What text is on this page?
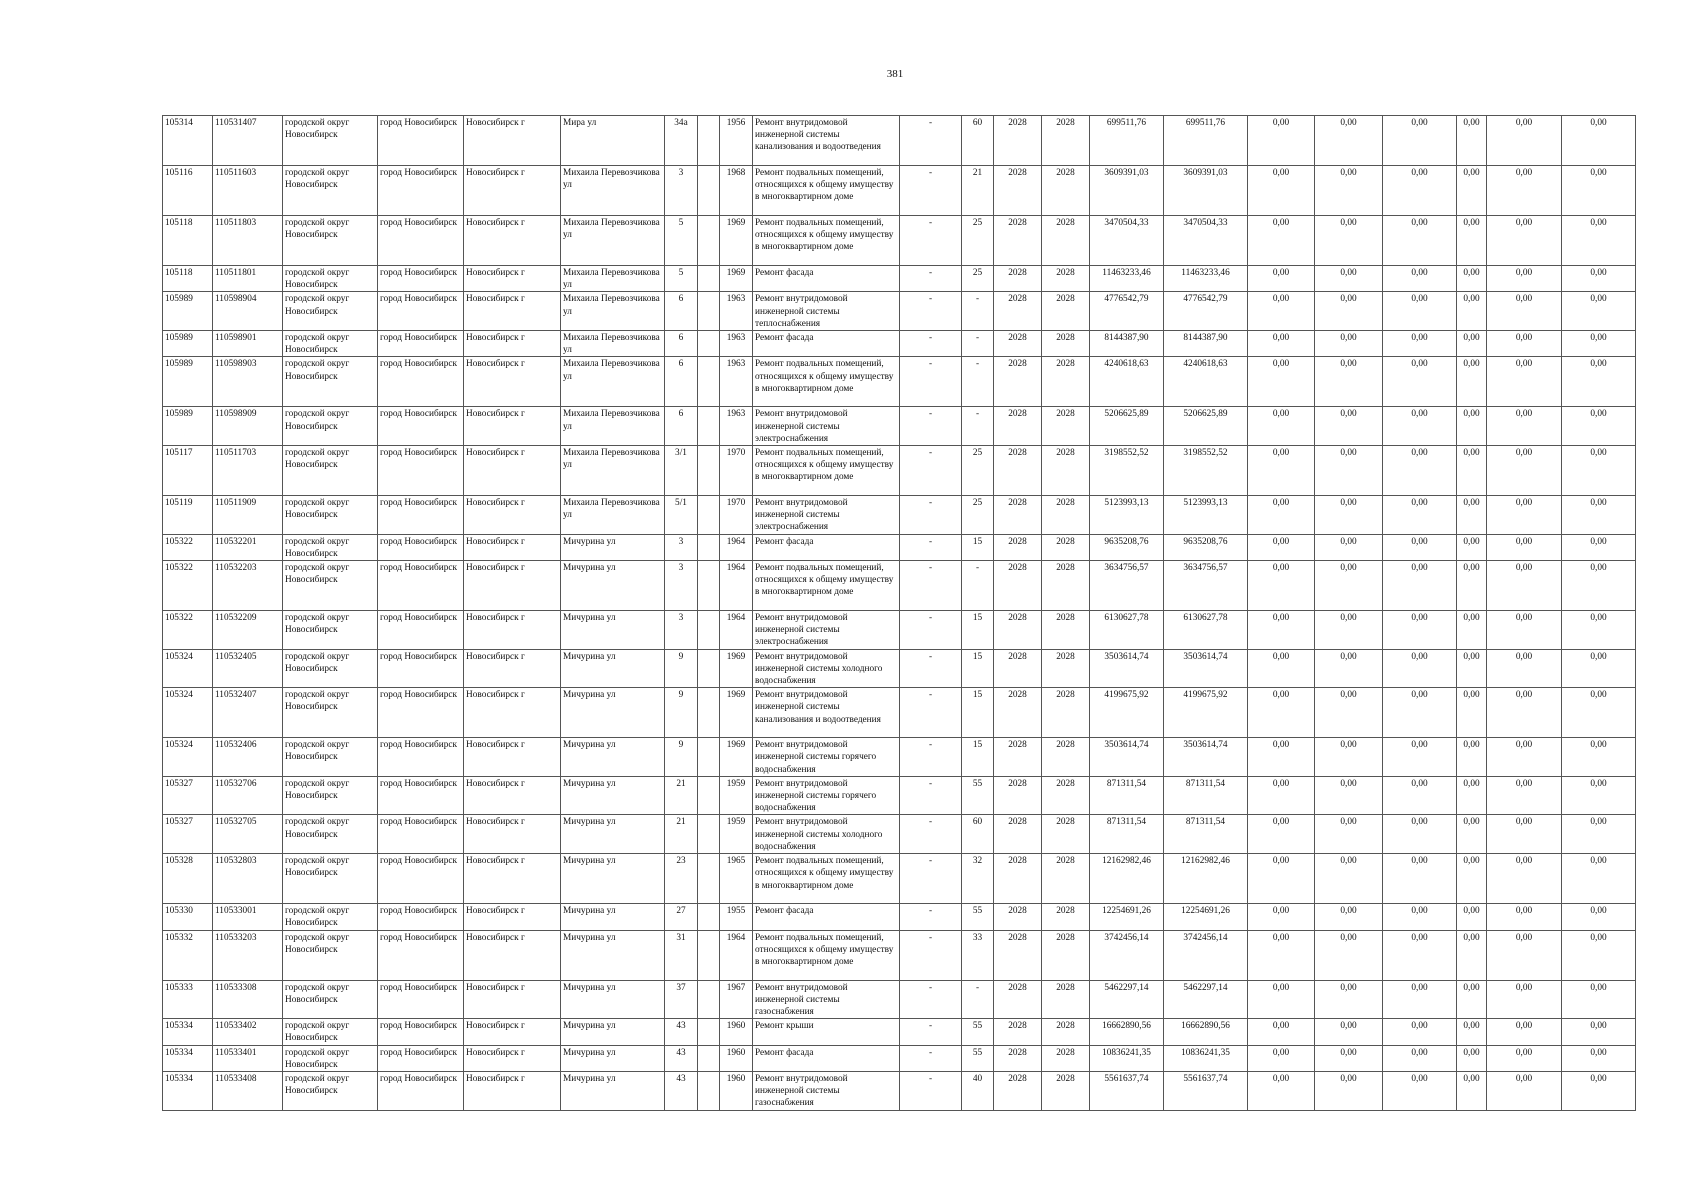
381
105314	110531407	городской округ Новосибирск	город Новосибирск	Новосибирск г	Мира ул	34а		1956	Ремонт внутридомовой инженерной системы канализования и водоотведения	-	60	2028	2028	699511,76	699511,76	0,00	0,00	0,00	0,00	0,00	0,00
105116	110511603	городской округ Новосибирск	город Новосибирск	Новосибирск г	Михаила Перевозчикова ул	3		1968	Ремонт подвальных помещений, относящихся к общему имуществу в многоквартирном доме	-	21	2028	2028	3609391,03	3609391,03	0,00	0,00	0,00	0,00	0,00	0,00
105118	110511803	городской округ Новосибирск	город Новосибирск	Новосибирск г	Михаила Перевозчикова ул	5		1969	Ремонт подвальных помещений, относящихся к общему имуществу в многоквартирном доме	-	25	2028	2028	3470504,33	3470504,33	0,00	0,00	0,00	0,00	0,00	0,00
105118	110511801	городской округ Новосибирск	город Новосибирск	Новосибирск г	Михаила Перевозчикова ул	5		1969	Ремонт фасада	-	25	2028	2028	11463233,46	11463233,46	0,00	0,00	0,00	0,00	0,00	0,00
105989	110598904	городской округ Новосибирск	город Новосибирск	Новосибирск г	Михаила Перевозчикова ул	6		1963	Ремонт внутридомовой инженерной системы теплоснабжения	-	-	2028	2028	4776542,79	4776542,79	0,00	0,00	0,00	0,00	0,00	0,00
105989	110598901	городской округ Новосибирск	город Новосибирск	Новосибирск г	Михаила Перевозчикова ул	6		1963	Ремонт фасада	-	-	2028	2028	8144387,90	8144387,90	0,00	0,00	0,00	0,00	0,00	0,00
105989	110598903	городской округ Новосибирск	город Новосибирск	Новосибирск г	Михаила Перевозчикова ул	6		1963	Ремонт подвальных помещений, относящихся к общему имуществу в многоквартирном доме	-	-	2028	2028	4240618,63	4240618,63	0,00	0,00	0,00	0,00	0,00	0,00
105989	110598909	городской округ Новосибирск	город Новосибирск	Новосибирск г	Михаила Перевозчикова ул	6		1963	Ремонт внутридомовой инженерной системы электроснабжения	-	-	2028	2028	5206625,89	5206625,89	0,00	0,00	0,00	0,00	0,00	0,00
105117	110511703	городской округ Новосибирск	город Новосибирск	Новосибирск г	Михаила Перевозчикова ул	3/1		1970	Ремонт подвальных помещений, относящихся к общему имуществу в многоквартирном доме	-	25	2028	2028	3198552,52	3198552,52	0,00	0,00	0,00	0,00	0,00	0,00
105119	110511909	городской округ Новосибирск	город Новосибирск	Новосибирск г	Михаила Перевозчикова ул	5/1		1970	Ремонт внутридомовой инженерной системы электроснабжения	-	25	2028	2028	5123993,13	5123993,13	0,00	0,00	0,00	0,00	0,00	0,00
105322	110532201	городской округ Новосибирск	город Новосибирск	Новосибирск г	Мичурина ул	3		1964	Ремонт фасада	-	15	2028	2028	9635208,76	9635208,76	0,00	0,00	0,00	0,00	0,00	0,00
105322	110532203	городской округ Новосибирск	город Новосибирск	Новосибирск г	Мичурина ул	3		1964	Ремонт подвальных помещений, относящихся к общему имуществу в многоквартирном доме	-	-	2028	2028	3634756,57	3634756,57	0,00	0,00	0,00	0,00	0,00	0,00
105322	110532209	городской округ Новосибирск	город Новосибирск	Новосибирск г	Мичурина ул	3		1964	Ремонт внутридомовой инженерной системы электроснабжения	-	15	2028	2028	6130627,78	6130627,78	0,00	0,00	0,00	0,00	0,00	0,00
105324	110532405	городской округ Новосибирск	город Новосибирск	Новосибирск г	Мичурина ул	9		1969	Ремонт внутридомовой инженерной системы холодного водоснабжения	-	15	2028	2028	3503614,74	3503614,74	0,00	0,00	0,00	0,00	0,00	0,00
105324	110532407	городской округ Новосибирск	город Новосибирск	Новосибирск г	Мичурина ул	9		1969	Ремонт внутридомовой инженерной системы канализования и водоотведения	-	15	2028	2028	4199675,92	4199675,92	0,00	0,00	0,00	0,00	0,00	0,00
105324	110532406	городской округ Новосибирск	город Новосибирск	Новосибирск г	Мичурина ул	9		1969	Ремонт внутридомовой инженерной системы горячего водоснабжения	-	15	2028	2028	3503614,74	3503614,74	0,00	0,00	0,00	0,00	0,00	0,00
105327	110532706	городской округ Новосибирск	город Новосибирск	Новосибирск г	Мичурина ул	21		1959	Ремонт внутридомовой инженерной системы горячего водоснабжения	-	55	2028	2028	871311,54	871311,54	0,00	0,00	0,00	0,00	0,00	0,00
105327	110532705	городской округ Новосибирск	город Новосибирск	Новосибирск г	Мичурина ул	21		1959	Ремонт внутридомовой инженерной системы холодного водоснабжения	-	60	2028	2028	871311,54	871311,54	0,00	0,00	0,00	0,00	0,00	0,00
105328	110532803	городской округ Новосибирск	город Новосибирск	Новосибирск г	Мичурина ул	23		1965	Ремонт подвальных помещений, относящихся к общему имуществу в многоквартирном доме	-	32	2028	2028	12162982,46	12162982,46	0,00	0,00	0,00	0,00	0,00	0,00
105330	110533001	городской округ Новосибирск	город Новосибирск	Новосибирск г	Мичурина ул	27		1955	Ремонт фасада	-	55	2028	2028	12254691,26	12254691,26	0,00	0,00	0,00	0,00	0,00	0,00
105332	110533203	городской округ Новосибирск	город Новосибирск	Новосибирск г	Мичурина ул	31		1964	Ремонт подвальных помещений, относящихся к общему имуществу в многоквартирном доме	-	33	2028	2028	3742456,14	3742456,14	0,00	0,00	0,00	0,00	0,00	0,00
105333	110533308	городской округ Новосибирск	город Новосибирск	Новосибирск г	Мичурина ул	37		1967	Ремонт внутридомовой инженерной системы газоснабжения	-	-	2028	2028	5462297,14	5462297,14	0,00	0,00	0,00	0,00	0,00	0,00
105334	110533402	городской округ Новосибирск	город Новосибирск	Новосибирск г	Мичурина ул	43		1960	Ремонт крыши	-	55	2028	2028	16662890,56	16662890,56	0,00	0,00	0,00	0,00	0,00	0,00
105334	110533401	городской округ Новосибирск	город Новосибирск	Новосибирск г	Мичурина ул	43		1960	Ремонт фасада	-	55	2028	2028	10836241,35	10836241,35	0,00	0,00	0,00	0,00	0,00	0,00
105334	110533408	городской округ Новосибирск	город Новосибирск	Новосибирск г	Мичурина ул	43		1960	Ремонт внутридомовой инженерной системы газоснабжения	-	40	2028	2028	5561637,74	5561637,74	0,00	0,00	0,00	0,00	0,00	0,00
